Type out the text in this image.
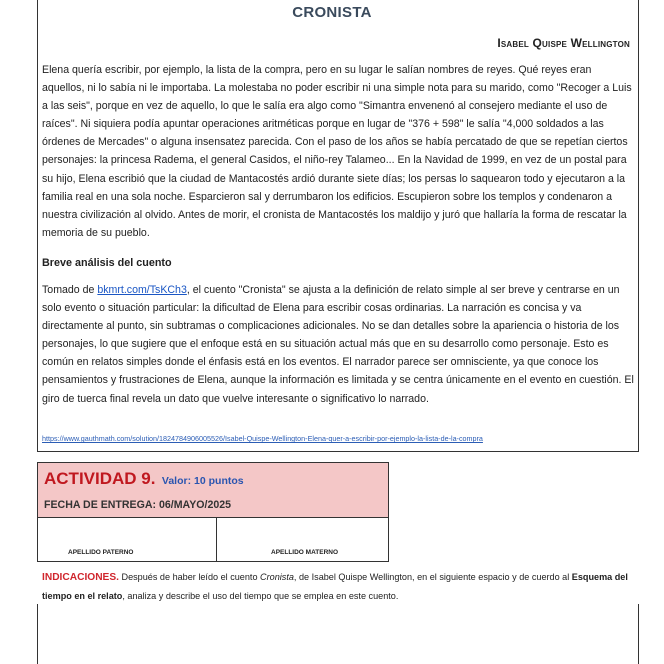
CRONISTA
Isabel Quispe Wellington

Elena quería escribir, por ejemplo, la lista de la compra, pero en su lugar le salían nombres de reyes. Qué reyes eran aquellos, ni lo sabía ni le importaba. La molestaba no poder escribir ni una simple nota para su marido, como "Recoger a Luis a las seis", porque en vez de aquello, lo que le salía era algo como "Simantra envenenó al consejero mediante el uso de raíces". Ni siquiera podía apuntar operaciones aritméticas porque en lugar de "376 + 598" le salía "4,000 soldados a las órdenes de Mercades" o alguna insensatez parecida. Con el paso de los años se había percatado de que se repetían ciertos personajes: la princesa Radema, el general Casidos, el niño-rey Talameo... En la Navidad de 1999, en vez de un postal para su hijo, Elena escribió que la ciudad de Mantacostés ardió durante siete días; los persas lo saquearon todo y ejecutaron a la familia real en una sola noche. Esparcieron sal y derrumbaron los edificios. Escupieron sobre los templos y condenaron a nuestra civilización al olvido. Antes de morir, el cronista de Mantacostés los maldijo y juró que hallaría la forma de rescatar la memoria de su pueblo.

Breve análisis del cuento

Tomado de bkmrt.com/TsKCh3, el cuento "Cronista" se ajusta a la definición de relato simple al ser breve y centrarse en un solo evento o situación particular: la dificultad de Elena para escribir cosas ordinarias. La narración es concisa y va directamente al punto, sin subtramas o complicaciones adicionales. No se dan detalles sobre la apariencia o historia de los personajes, lo que sugiere que el enfoque está en su situación actual más que en su desarrollo como personaje. Esto es común en relatos simples donde el énfasis está en los eventos. El narrador parece ser omnisciente, ya que conoce los pensamientos y frustraciones de Elena, aunque la información es limitada y se centra únicamente en el evento en cuestión. El giro de tuerca final revela un dato que vuelve interesante o significativo lo narrado.

https://www.gauthmath.com/solution/1824784906005526/Isabel-Quispe-Wellington-Elena-quer-a-escribir-por-ejemplo-la-lista-de-la-compra
ACTIVIDAD 9. Valor: 10 puntos
FECHA DE ENTREGA: 06/MAYO/2025
APELLIDO PATERNO	APELLIDO MATERNO

INDICACIONES. Después de haber leído el cuento Cronista, de Isabel Quispe Wellington, en el siguiente espacio y de cuerdo al Esquema del tiempo en el relato, analiza y describe el uso del tiempo que se emplea en este cuento.
